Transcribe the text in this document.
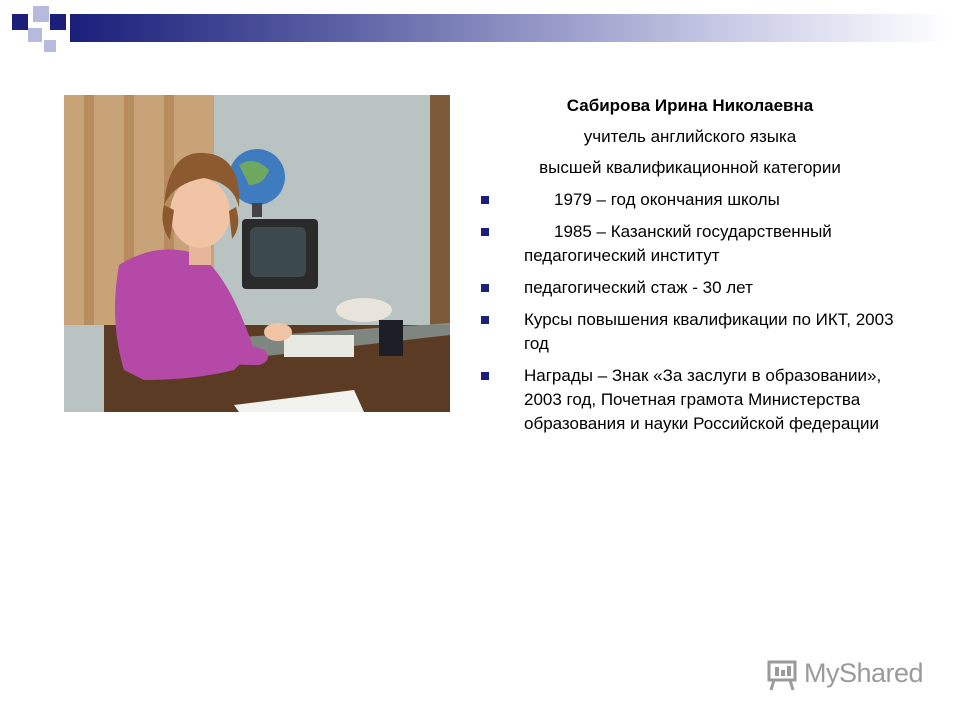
Сабирова Ирина Николаевна
учитель английского языка
высшей квалификационной категории
1979 – год окончания школы
1985 – Казанский государственный педагогический институт
педагогический стаж - 30 лет
Курсы повышения квалификации по ИКТ, 2003 год
Награды – Знак «За заслуги в образовании», 2003 год, Почетная грамота Министерства образования и науки Российской федерации
MyShared
